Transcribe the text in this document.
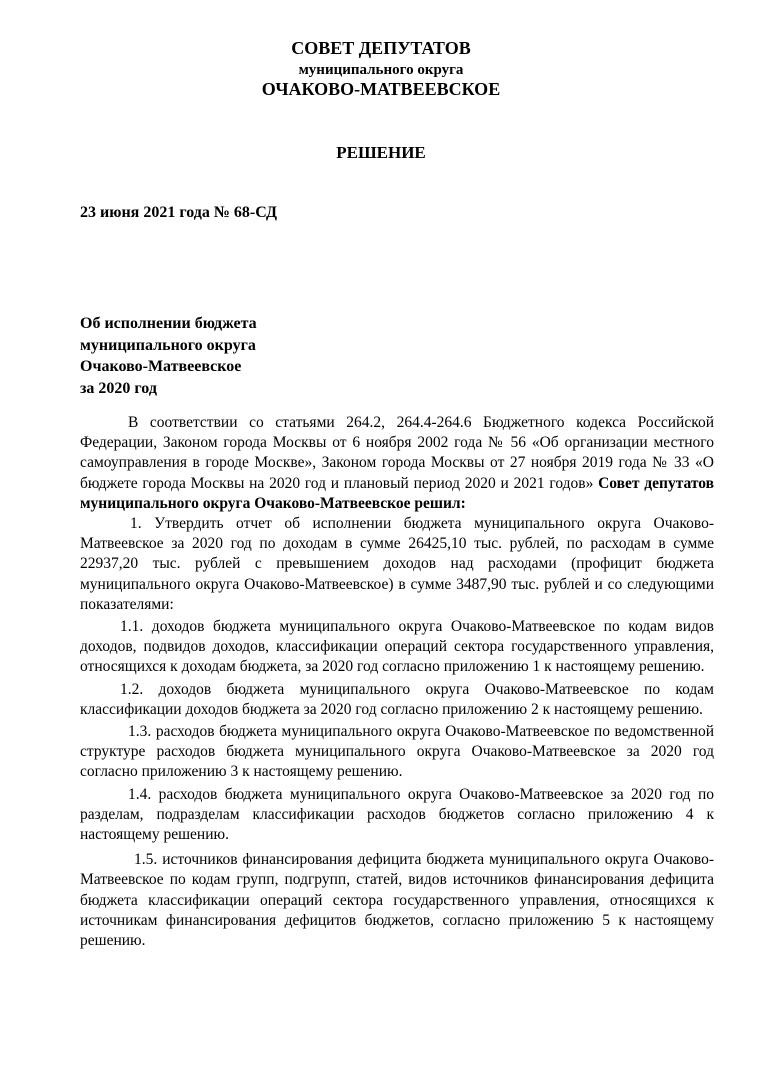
СОВЕТ ДЕПУТАТОВ
муниципального округа
ОЧАКОВО-МАТВЕЕВСКОЕ
РЕШЕНИЕ
23 июня 2021 года № 68-СД
Об исполнении бюджета
муниципального округа
Очаково-Матвеевское
за 2020 год

В соответствии со статьями 264.2, 264.4-264.6 Бюджетного кодекса Российской Федерации, Законом города Москвы от 6 ноября 2002 года № 56 «Об организации местного самоуправления в городе Москве», Законом города Москвы от 27 ноября 2019 года № 33 «О бюджете города Москвы на 2020 год и плановый период 2020 и 2021 годов» Совет депутатов муниципального округа Очаково-Матвеевское решил:

1. Утвердить отчет об исполнении бюджета муниципального округа Очаково-Матвеевское за 2020 год по доходам в сумме 26425,10 тыс. рублей, по расходам в сумме 22937,20 тыс. рублей с превышением доходов над расходами (профицит бюджета муниципального округа Очаково-Матвеевское) в сумме 3487,90 тыс. рублей и со следующими показателями:

1.1. доходов бюджета муниципального округа Очаково-Матвеевское по кодам видов доходов, подвидов доходов, классификации операций сектора государственного управления, относящихся к доходам бюджета, за 2020 год согласно приложению 1 к настоящему решению.

1.2. доходов бюджета муниципального округа Очаково-Матвеевское по кодам классификации доходов бюджета за 2020 год согласно приложению 2 к настоящему решению.

1.3. расходов бюджета муниципального округа Очаково-Матвеевское по ведомственной структуре расходов бюджета муниципального округа Очаково-Матвеевское за 2020 год согласно приложению 3 к настоящему решению.

1.4. расходов бюджета муниципального округа Очаково-Матвеевское за 2020 год по разделам, подразделам классификации расходов бюджетов согласно приложению 4 к настоящему решению.

1.5. источников финансирования дефицита бюджета муниципального округа Очаково-Матвеевское по кодам групп, подгрупп, статей, видов источников финансирования дефицита бюджета классификации операций сектора государственного управления, относящихся к источникам финансирования дефицитов бюджетов, согласно приложению 5 к настоящему решению.
